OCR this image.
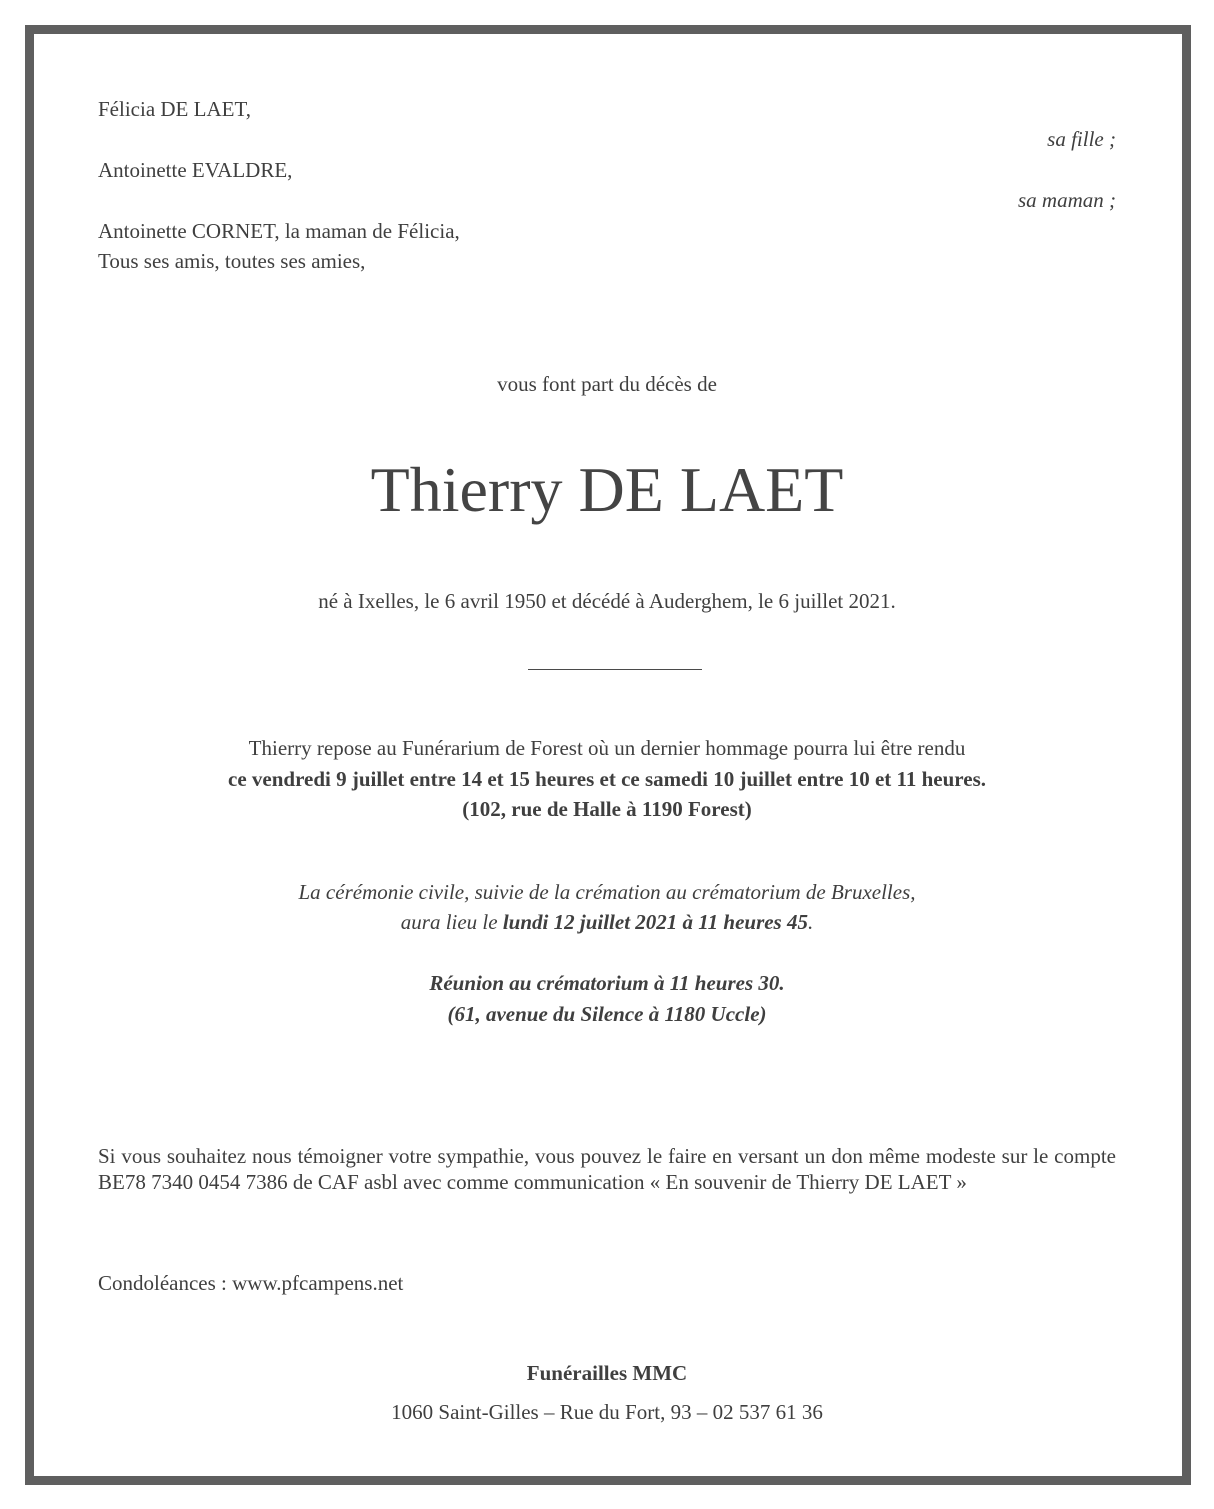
Félicia DE LAET,
sa fille ;
Antoinette EVALDRE,
sa maman ;
Antoinette CORNET, la maman de Félicia,
Tous ses amis, toutes ses amies,
vous font part du décès de
Thierry DE LAET
né à Ixelles, le 6 avril 1950 et décédé à Auderghem, le 6 juillet 2021.
Thierry repose au Funérarium de Forest où un dernier hommage pourra lui être rendu
ce vendredi 9 juillet entre 14 et 15 heures et ce samedi 10 juillet entre 10 et 11 heures.
(102, rue de Halle à 1190 Forest)
La cérémonie civile, suivie de la crémation au crématorium de Bruxelles,
aura lieu le lundi 12 juillet 2021 à 11 heures 45.
Réunion au crématorium à 11 heures 30.
(61, avenue du Silence à 1180 Uccle)
Si vous souhaitez nous témoigner votre sympathie, vous pouvez le faire en versant un don même modeste sur le compte BE78 7340 0454 7386 de CAF asbl avec comme communication « En souvenir de Thierry DE LAET »
Condoléances : www.pfcampens.net
Funérailles MMC
1060 Saint-Gilles – Rue du Fort, 93 – 02 537 61 36
